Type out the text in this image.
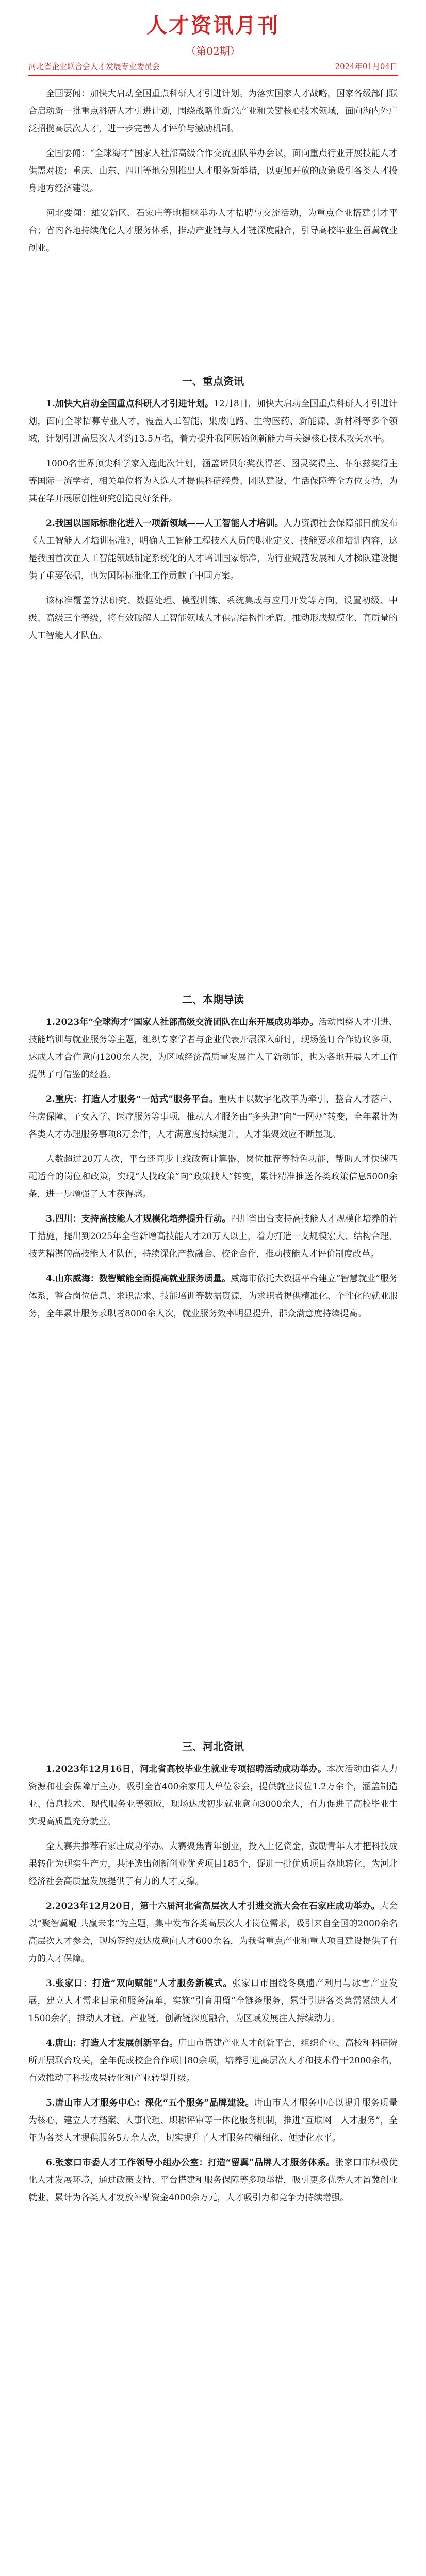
人才资讯月刊
（第02期）
河北省企业联合会人才发展专业委员会	2024年01月04日

全国要闻：加快大启动全国重点科研人才引进计划。为落实国家人才战略，国家各级部门联合启动新一批重点科研人才引进计划，围绕战略性新兴产业和关键核心技术领域，面向海内外广泛招揽高层次人才，进一步完善人才评价与激励机制。

全国要闻：“全球海才”国家人社部高级合作交流团队举办会议，面向重点行业开展技能人才供需对接；重庆、山东、四川等地分别推出人才服务新举措，以更加开放的政策吸引各类人才投身地方经济建设。

河北要闻：雄安新区、石家庄等地相继举办人才招聘与交流活动，为重点企业搭建引才平台；省内各地持续优化人才服务体系，推动产业链与人才链深度融合，引导高校毕业生留冀就业创业。

一、重点资讯

1.加快大启动全国重点科研人才引进计划。12月8日，加快大启动全国重点科研人才引进计划，面向全球招募专业人才，覆盖人工智能、集成电路、生物医药、新能源、新材料等多个领域，计划引进高层次人才约13.5万名，着力提升我国原始创新能力与关键核心技术攻关水平。

1000名世界顶尖科学家入选此次计划，涵盖诺贝尔奖获得者、图灵奖得主、菲尔兹奖得主等国际一流学者，相关单位将为入选人才提供科研经费、团队建设、生活保障等全方位支持，为其在华开展原创性研究创造良好条件。

2.我国以国际标准化进入一项新领域——人工智能人才培训。人力资源社会保障部日前发布《人工智能人才培训标准》，明确人工智能工程技术人员的职业定义、技能要求和培训内容，这是我国首次在人工智能领域制定系统化的人才培训国家标准，为行业规范发展和人才梯队建设提供了重要依据，也为国际标准化工作贡献了中国方案。

该标准覆盖算法研究、数据处理、模型训练、系统集成与应用开发等方向，设置初级、中级、高级三个等级，将有效破解人工智能领域人才供需结构性矛盾，推动形成规模化、高质量的人工智能人才队伍。

二、本期导读

1.2023年“全球海才”国家人社部高级交流团队在山东开展成功举办。活动围绕人才引进、技能培训与就业服务等主题，组织专家学者与企业代表开展深入研讨，现场签订合作协议多项，达成人才合作意向1200余人次，为区域经济高质量发展注入了新动能，也为各地开展人才工作提供了可借鉴的经验。

2.重庆：打造人才服务“一站式”服务平台。重庆市以数字化改革为牵引，整合人才落户、住房保障、子女入学、医疗服务等事项，推动人才服务由“多头跑”向“一网办”转变，全年累计为各类人才办理服务事项8万余件，人才满意度持续提升，人才集聚效应不断显现。

人数超过20万人次，平台还同步上线政策计算器、岗位推荐等特色功能，帮助人才快速匹配适合的岗位和政策，实现“人找政策”向“政策找人”转变，累计精准推送各类政策信息5000余条，进一步增强了人才获得感。

3.四川：支持高技能人才规模化培养提升行动。四川省出台支持高技能人才规模化培养的若干措施，提出到2025年全省新增高技能人才20万人以上，着力打造一支规模宏大、结构合理、技艺精湛的高技能人才队伍，持续深化产教融合、校企合作，推动技能人才评价制度改革。

4.山东威海：数智赋能全面提高就业服务质量。威海市依托大数据平台建立“智慧就业”服务体系，整合岗位信息、求职需求、技能培训等数据资源，为求职者提供精准化、个性化的就业服务，全年累计服务求职者8000余人次，就业服务效率明显提升，群众满意度持续提高。

三、河北资讯

1.2023年12月16日，河北省高校毕业生就业专项招聘活动成功举办。本次活动由省人力资源和社会保障厅主办，吸引全省400余家用人单位参会，提供就业岗位1.2万余个，涵盖制造业、信息技术、现代服务业等领域，现场达成初步就业意向3000余人，有力促进了高校毕业生实现高质量充分就业。

全大赛共推荐石家庄成功举办。大赛聚焦青年创业，投入上亿资金，鼓励青年人才把科技成果转化为现实生产力，共评选出创新创业优秀项目185个，促进一批优质项目落地转化，为河北经济社会高质量发展提供了有力的人才支撑。

2.2023年12月20日，第十六届河北省高层次人才引进交流大会在石家庄成功举办。大会以“聚智冀鲲 共赢未来”为主题，集中发布各类高层次人才岗位需求，吸引来自全国的2000余名高层次人才参会，现场签约及达成意向人才600余名，为我省重点产业和重大项目建设提供了有力的人才保障。

3.张家口：打造“双向赋能”人才服务新模式。张家口市围绕冬奥遗产利用与冰雪产业发展，建立人才需求目录和服务清单，实施“引育用留”全链条服务，累计引进各类急需紧缺人才1500余名，推动人才链、产业链、创新链深度融合，为区域发展注入持续动力。

4.唐山：打造人才发展创新平台。唐山市搭建产业人才创新平台，组织企业、高校和科研院所开展联合攻关，全年促成校企合作项目80余项，培养引进高层次人才和技术骨干2000余名，有效推动了科技成果转化和产业转型升级。

5.唐山市人才服务中心：深化“五个服务”品牌建设。唐山市人才服务中心以提升服务质量为核心，建立人才档案、人事代理、职称评审等一体化服务机制，推进“互联网＋人才服务”，全年为各类人才提供服务5万余人次，切实提升了人才服务的精细化、便捷化水平。

6.张家口市委人才工作领导小组办公室：打造“留冀”品牌人才服务体系。张家口市积极优化人才发展环境，通过政策支持、平台搭建和服务保障等多项举措，吸引更多优秀人才留冀创业就业，累计为各类人才发放补贴资金4000余万元，人才吸引力和竞争力持续增强。
